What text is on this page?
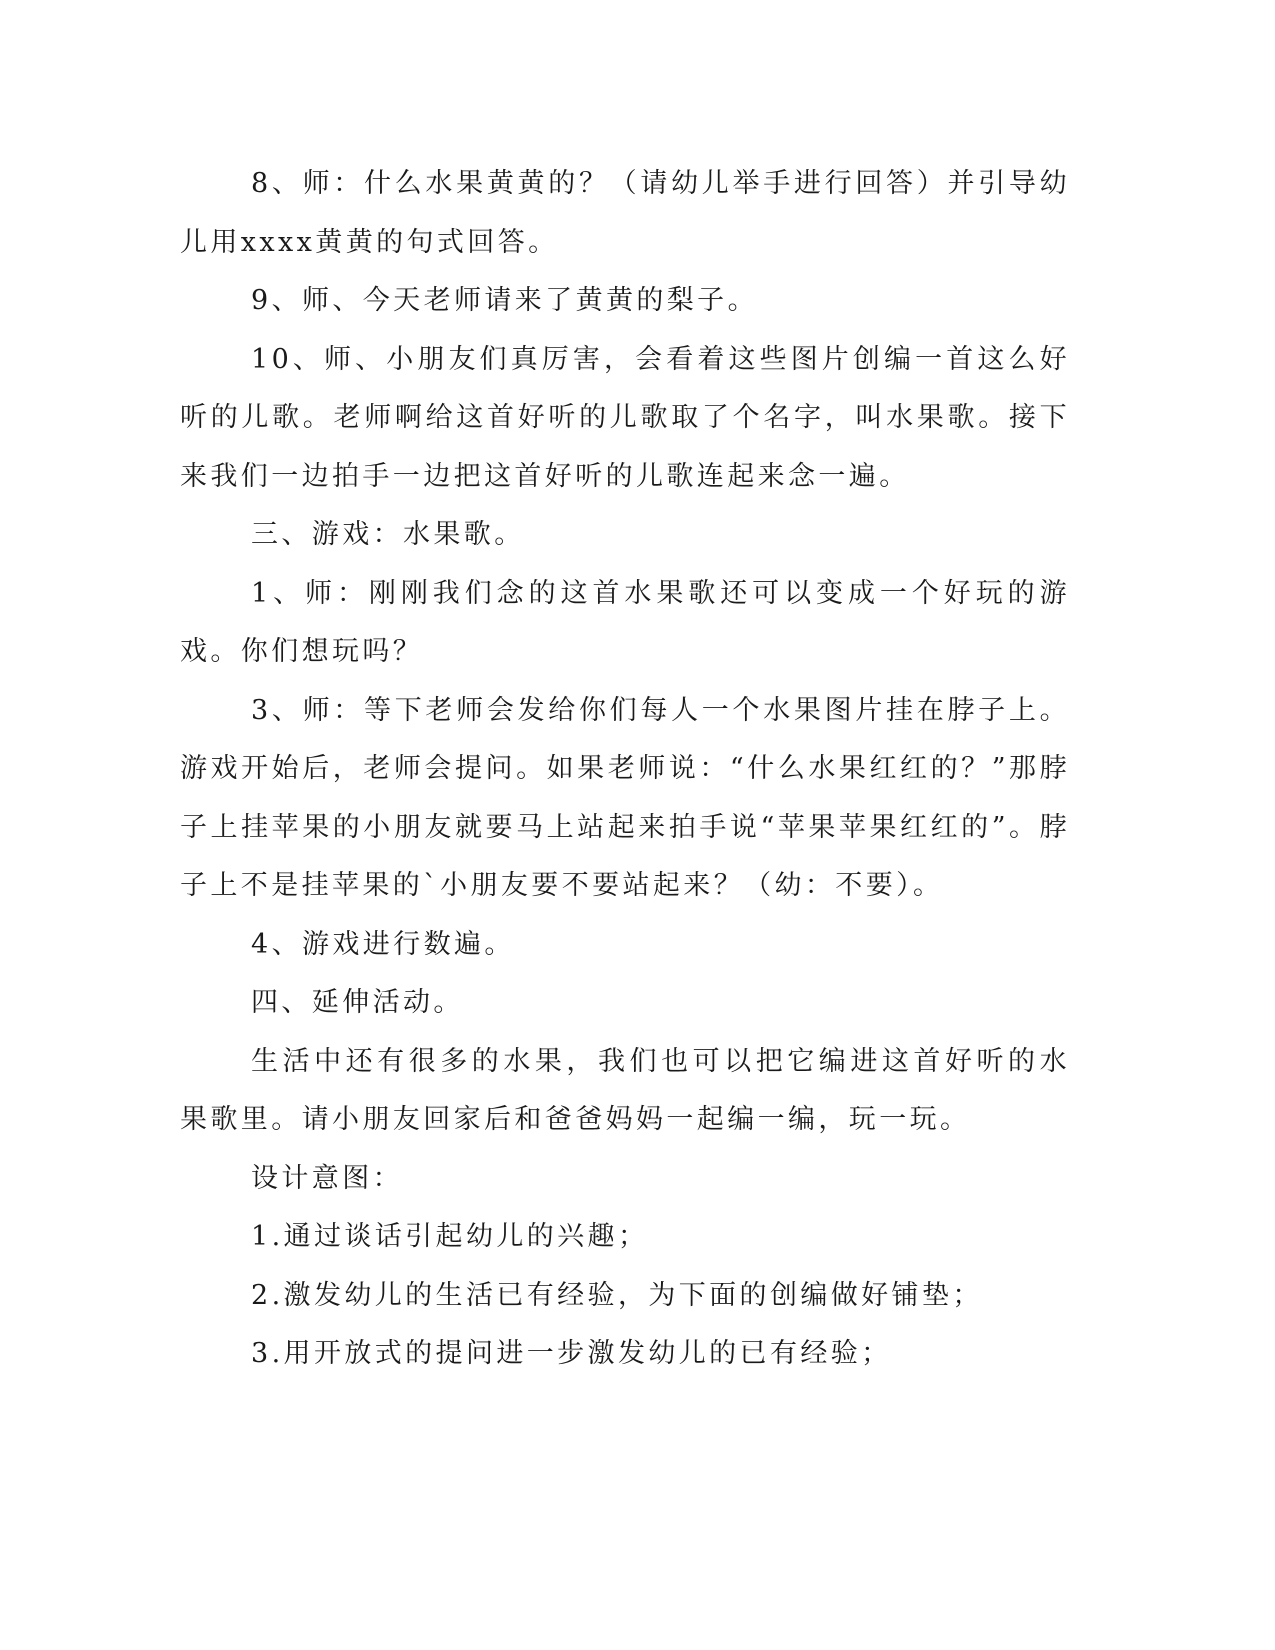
8、师：什么水果黄黄的？（请幼儿举手进行回答）并引导幼儿用xxxx黄黄的句式回答。

9、师、今天老师请来了黄黄的梨子。

10、师、小朋友们真厉害，会看着这些图片创编一首这么好听的儿歌。老师啊给这首好听的儿歌取了个名字，叫水果歌。接下来我们一边拍手一边把这首好听的儿歌连起来念一遍。

三、游戏：水果歌。

1、师：刚刚我们念的这首水果歌还可以变成一个好玩的游戏。你们想玩吗？

3、师：等下老师会发给你们每人一个水果图片挂在脖子上。游戏开始后，老师会提问。如果老师说：“什么水果红红的？”那脖子上挂苹果的小朋友就要马上站起来拍手说“苹果苹果红红的”。脖子上不是挂苹果的`小朋友要不要站起来？（幼：不要）。

4、游戏进行数遍。

四、延伸活动。

生活中还有很多的水果，我们也可以把它编进这首好听的水果歌里。请小朋友回家后和爸爸妈妈一起编一编，玩一玩。

设计意图：

1.通过谈话引起幼儿的兴趣；

2.激发幼儿的生活已有经验，为下面的创编做好铺垫；

3.用开放式的提问进一步激发幼儿的已有经验；
